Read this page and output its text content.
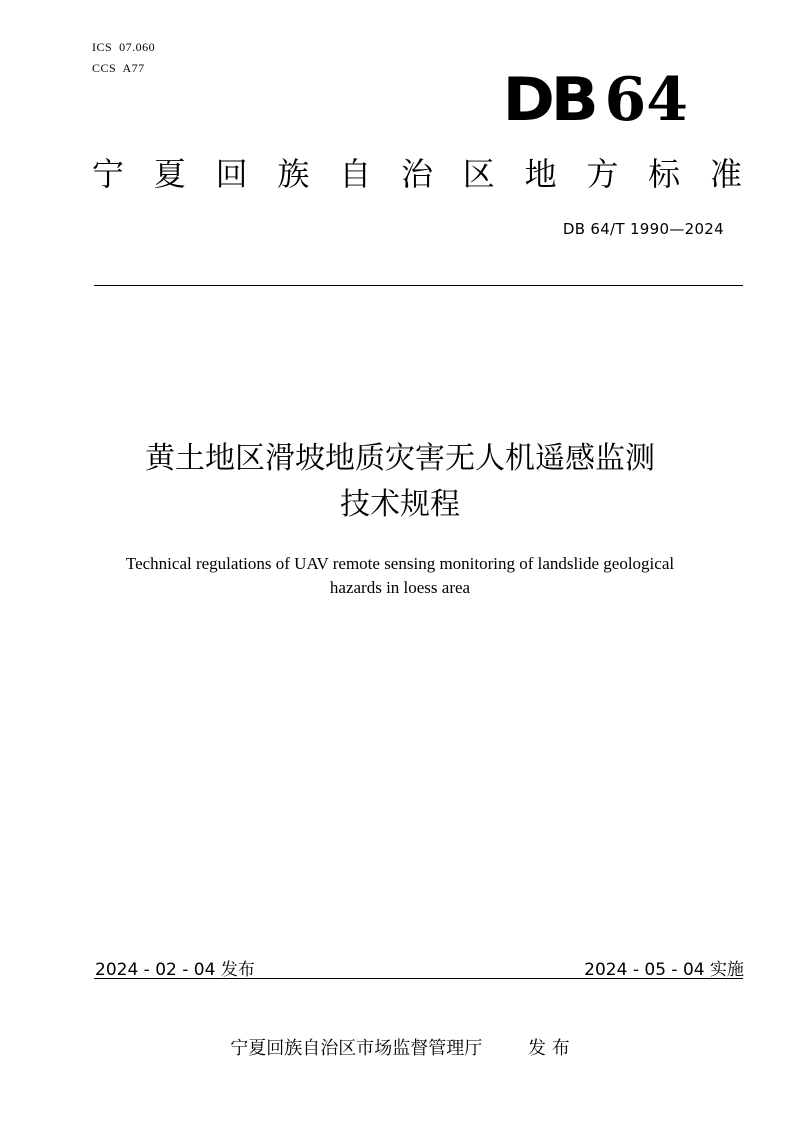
ICS  07.060
CCS  A77	DB 64
宁 夏 回 族 自 治 区 地 方 标 准
DB 64/T 1990—2024
黄土地区滑坡地质灾害无人机遥感监测
技术规程
Technical regulations of UAV remote sensing monitoring of landslide geological
hazards in loess area
2024 - 02 - 04 发布	2024 - 05 - 04 实施
宁夏回族自治区市场监督管理厅	发 布
